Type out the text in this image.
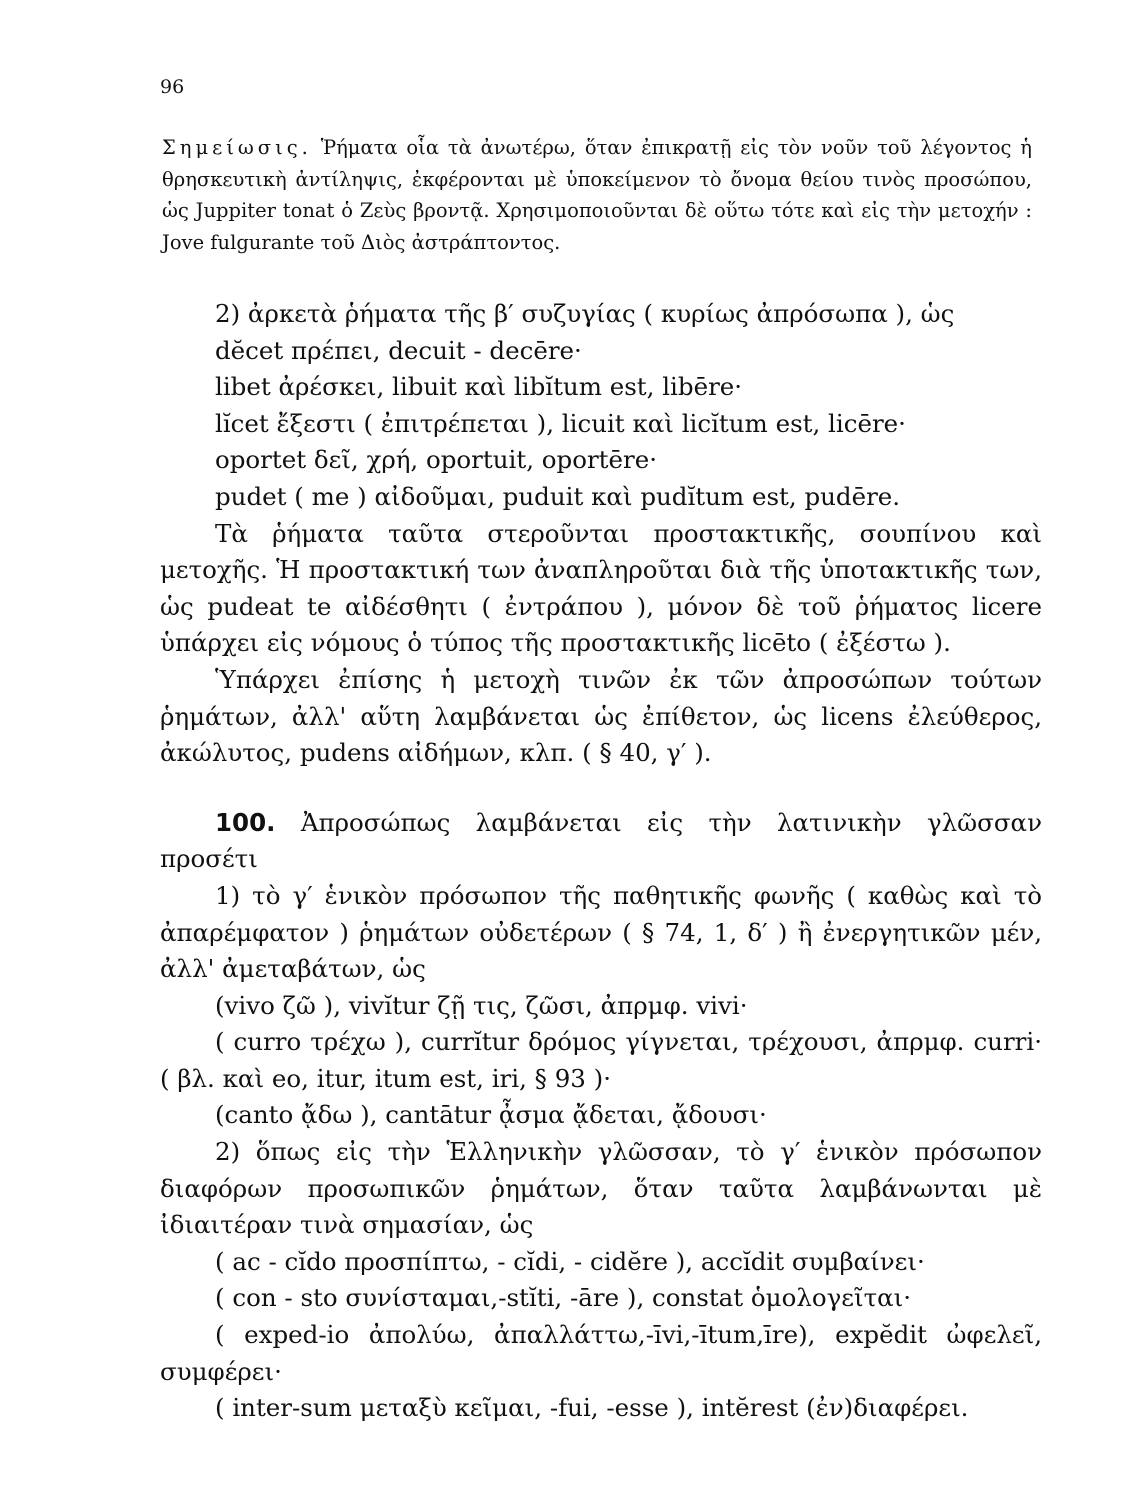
96

Σημείωσις. Ῥήματα οἷα τὰ ἀνωτέρω, ὅταν ἐπικρατῇ εἰς τὸν νοῦν τοῦ λέγοντος ἡ θρησκευτικὴ ἀντίληψις, ἐκφέρονται μὲ ὑποκείμενον τὸ ὄνομα θείου τινὸς προσώπου, ὡς Juppiter tonat ὁ Ζεὺς βροντᾷ. Χρησιμοποιοῦνται δὲ οὕτω τότε καὶ εἰς τὴν μετοχήν : Jove fulgurante τοῦ Διὸς ἀστράπτοντος.

2) ἀρκετὰ ῥήματα τῆς β′ συζυγίας ( κυρίως ἀπρόσωπα ), ὡς

dĕcet πρέπει, decuit - decēre·

libet ἀρέσκει, libuit καὶ libĭtum est, libēre·

lĭcet ἔξεστι ( ἐπιτρέπεται ), licuit καὶ licĭtum est, licēre·

oportet δεῖ, χρή, oportuit, oportēre·

pudet ( me ) αἰδοῦμαι, puduit καὶ pudĭtum est, pudēre.

Τὰ ῥήματα ταῦτα στεροῦνται προστακτικῆς, σουπίνου καὶ μετοχῆς. Ἡ προστακτική των ἀναπληροῦται διὰ τῆς ὑποτακτικῆς των, ὡς pudeat te αἰδέσθητι ( ἐντράπου ), μόνον δὲ τοῦ ῥήματος licere ὑπάρχει εἰς νόμους ὁ τύπος τῆς προστακτικῆς licēto ( ἐξέστω ).

Ὑπάρχει ἐπίσης ἡ μετοχὴ τινῶν ἐκ τῶν ἀπροσώπων τούτων ῥημάτων, ἀλλ' αὕτη λαμβάνεται ὡς ἐπίθετον, ὡς licens ἐλεύθερος, ἀκώλυτος, pudens αἰδήμων, κλπ. ( § 40, γ′ ).

100. Ἀπροσώπως λαμβάνεται εἰς τὴν λατινικὴν γλῶσσαν προσέτι

1) τὸ γ′ ἑνικὸν πρόσωπον τῆς παθητικῆς φωνῆς ( καθὼς καὶ τὸ ἀπαρέμφατον ) ῥημάτων οὐδετέρων ( § 74, 1, δ′ ) ἢ ἐνεργητικῶν μέν, ἀλλ' ἀμεταβάτων, ὡς

(vivo ζῶ ), vivĭtur ζῇ τις, ζῶσι, ἀπρμφ. vivi·

( curro τρέχω ), currĭtur δρόμος γίγνεται, τρέχουσι, ἀπρμφ. curri· ( βλ. καὶ eo, itur, itum est, iri, § 93 )·

(canto ᾄδω ), cantātur ᾆσμα ᾄδεται, ᾄδουσι·

2) ὅπως εἰς τὴν Ἑλληνικὴν γλῶσσαν, τὸ γ′ ἑνικὸν πρόσωπον διαφόρων προσωπικῶν ῥημάτων, ὅταν ταῦτα λαμβάνωνται μὲ ἰδιαιτέραν τινὰ σημασίαν, ὡς

( ac - cĭdo προσπίπτω, - cĭdi, - cidĕre ), accĭdit συμβαίνει·

( con - sto συνίσταμαι,-stĭti, -āre ), constat ὁμολογεῖται·

( exped-io ἀπολύω, ἀπαλλάττω,-īvi,-ītum,īre), expĕdit ὠφελεῖ, συμφέρει·

( inter-sum μεταξὺ κεῖμαι, -fui, -esse ), intĕrest (ἐν)διαφέρει.
